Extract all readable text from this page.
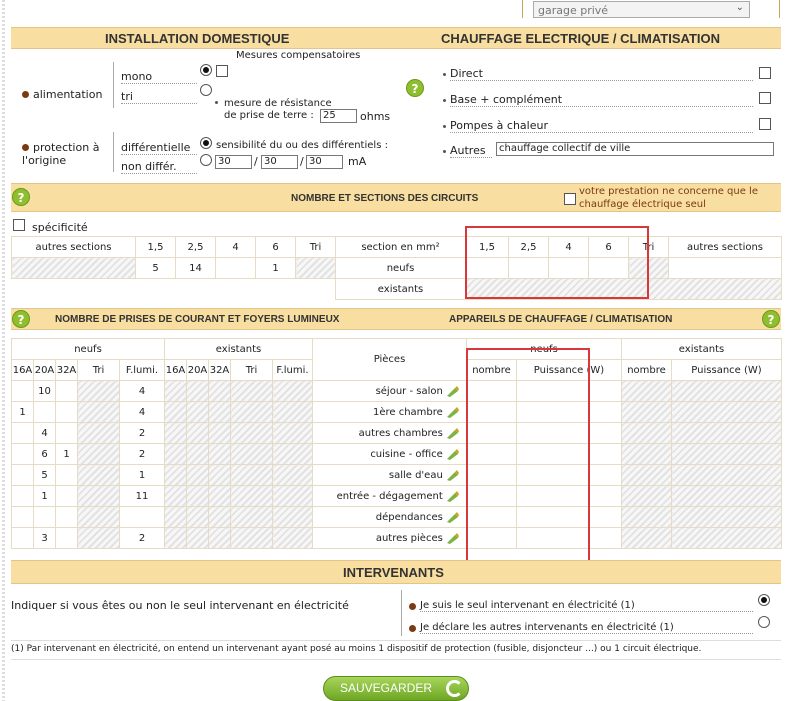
garage privé	⌄
INSTALLATION DOMESTIQUE	CHAUFFAGE ELECTRIQUE / CLIMATISATION
Mesures compensatoires
alimentation
mono
tri
mesure de résistance
de prise de terre : 25	ohms
protection à l'origine
différentielle
non différ.
sensibilité du ou des différentiels :
30	/ 30	/ 30	mA
?
Direct
Base + complément
Pompes à chaleur
Autres	chauffage collectif de ville
NOMBRE ET SECTIONS DES CIRCUITS
votre prestation ne concerne que le
chauffage électrique seul
?
spécificité
autres sections	1,5	2,5	4	6	Tri	section en mm²	1,5	2,5	4	6	Tri	autres sections
	5	14		1		neufs						
						existants						
NOMBRE DE PRISES DE COURANT ET FOYERS LUMINEUX	APPAREILS DE CHAUFFAGE / CLIMATISATION
?	?
neufs					existants					Pièces	neufs		existants	
16A	20A	32A	Tri	F.lumi.	16A	20A	32A	Tri	F.lumi.		nombre	Puissance (W)	nombre	Puissance (W)
	10			4						séjour - salon				
1				4						1ère chambre				
	4			2						autres chambres				
	6	1		2						cuisine - office				
	5			1						salle d'eau				
	1			11						entrée - dégagement				
										dépendances				
	3			2						autres pièces				
INTERVENANTS
Indiquer si vous êtes ou non le seul intervenant en électricité	Je suis le seul intervenant en électricité (1)
Je déclare les autres intervenants en électricité (1)
(1) Par intervenant en électricité, on entend un intervenant ayant posé au moins 1 dispositif de protection (fusible, disjoncteur ...) ou 1 circuit électrique.
SAUVEGARDER
